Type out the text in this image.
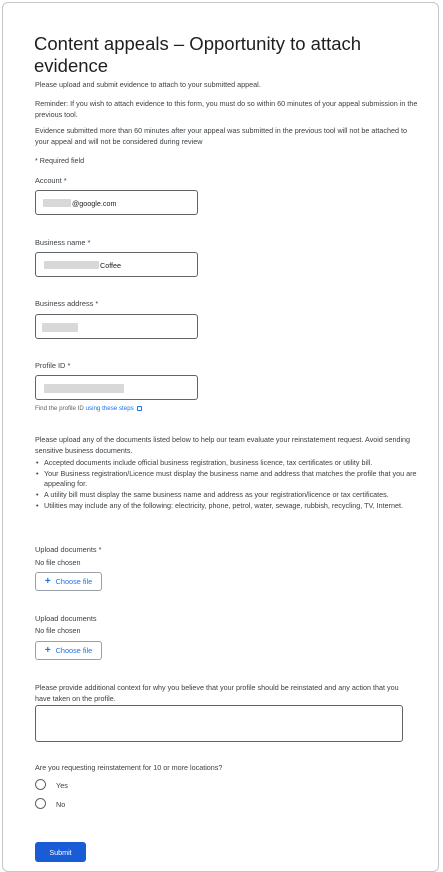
Content appeals – Opportunity to attach evidence
Please upload and submit evidence to attach to your submitted appeal.
Reminder: If you wish to attach evidence to this form, you must do so within 60 minutes of your appeal submission in the previous tool.
Evidence submitted more than 60 minutes after your appeal was submitted in the previous tool will not be attached to your appeal and will not be considered during review
* Required field
Account *
@google.com
Business name *
Coffee
Business address *
Profile ID *
Find the profile ID using these steps
Please upload any of the documents listed below to help our team evaluate your reinstatement request. Avoid sending sensitive business documents.
• Accepted documents include official business registration, business licence, tax certificates or utility bill.
• Your Business registration/Licence must display the business name and address that matches the profile that you are appealing for.
• A utility bill must display the same business name and address as your registration/licence or tax certificates.
• Utilities may include any of the following: electricity, phone, petrol, water, sewage, rubbish, recycling, TV, Internet.
Upload documents *
No file chosen
+ Choose file
Upload documents
No file chosen
+ Choose file
Please provide additional context for why you believe that your profile should be reinstated and any action that you have taken on the profile.
Are you requesting reinstatement for 10 or more locations?
Yes
No
Submit
